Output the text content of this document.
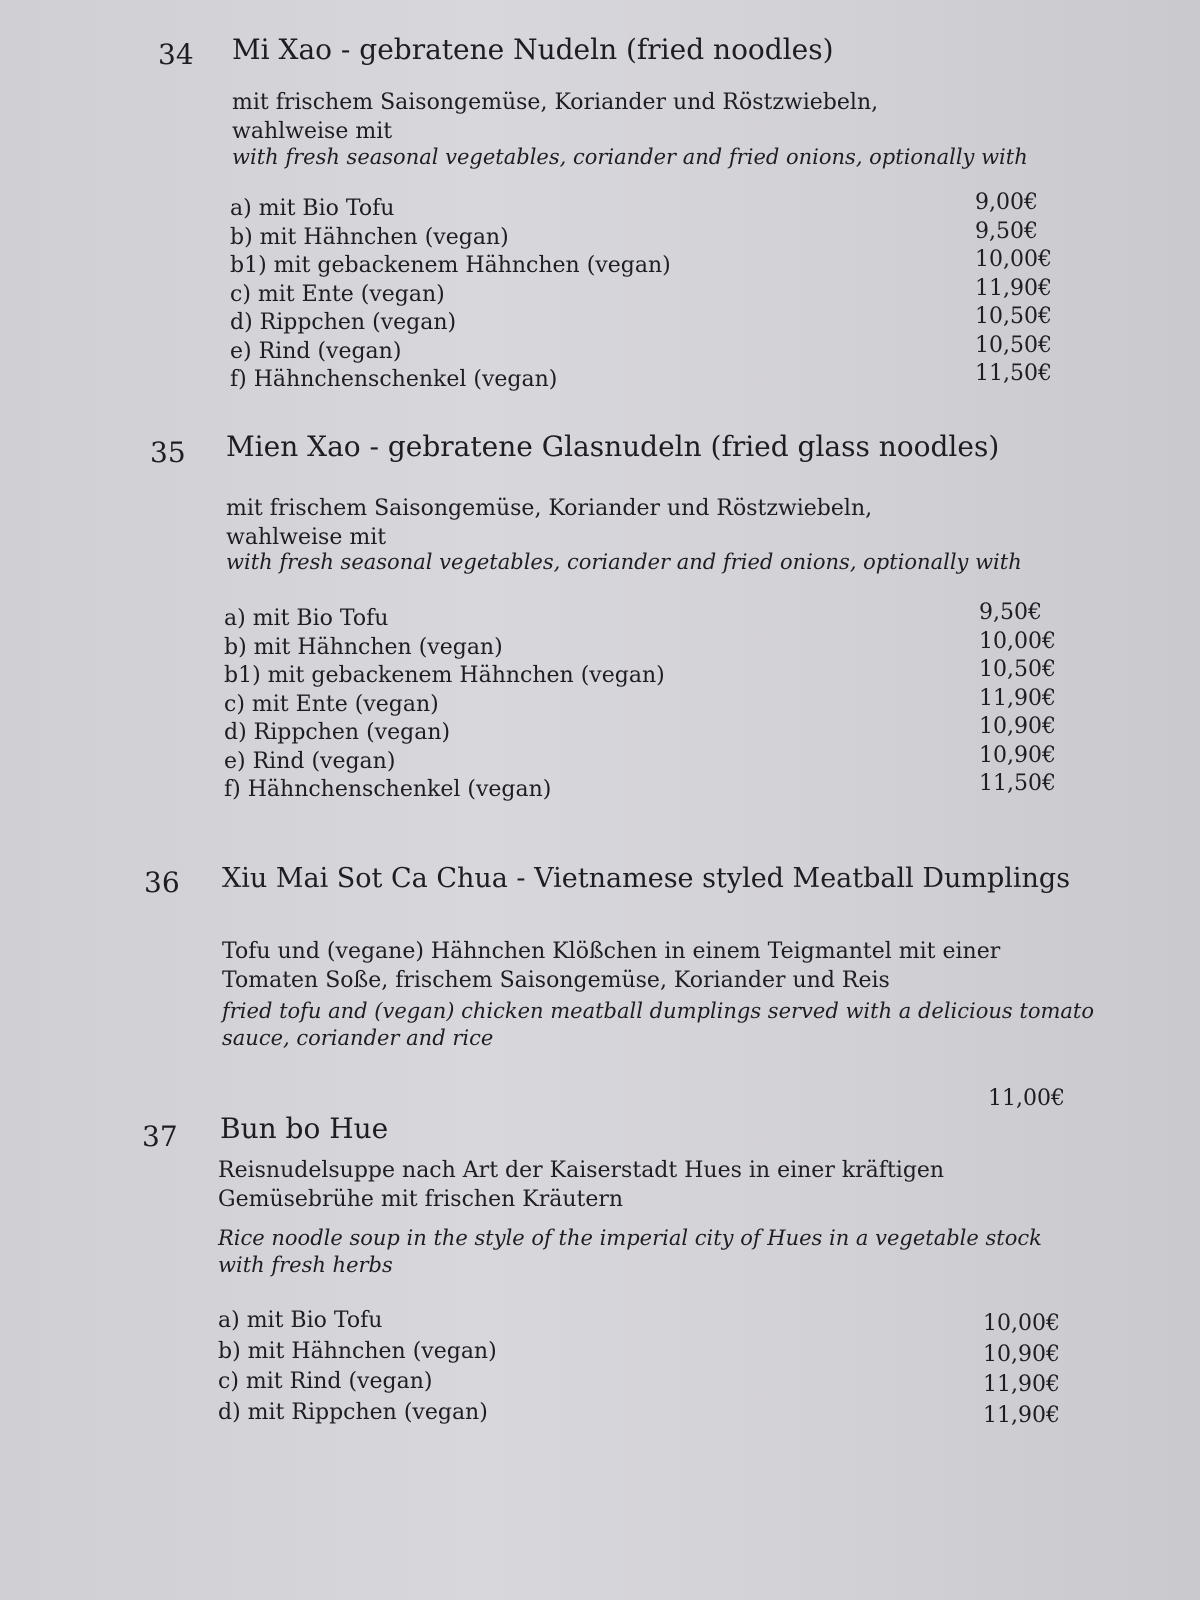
34 Mi Xao - gebratene Nudeln (fried noodles)
mit frischem Saisongemüse, Koriander und Röstzwiebeln,
wahlweise mit
with fresh seasonal vegetables, coriander and fried onions, optionally with
a) mit Bio Tofu	9,00€
b) mit Hähnchen (vegan)	9,50€
b1) mit gebackenem Hähnchen (vegan)	10,00€
c) mit Ente (vegan)	11,90€
d) Rippchen (vegan)	10,50€
e) Rind (vegan)	10,50€
f) Hähnchenschenkel (vegan)	11,50€
35 Mien Xao - gebratene Glasnudeln (fried glass noodles)
mit frischem Saisongemüse, Koriander und Röstzwiebeln,
wahlweise mit
with fresh seasonal vegetables, coriander and fried onions, optionally with
a) mit Bio Tofu	9,50€
b) mit Hähnchen (vegan)	10,00€
b1) mit gebackenem Hähnchen (vegan)	10,50€
c) mit Ente (vegan)	11,90€
d) Rippchen (vegan)	10,90€
e) Rind (vegan)	10,90€
f) Hähnchenschenkel (vegan)	11,50€
36 Xiu Mai Sot Ca Chua - Vietnamese styled Meatball Dumplings
Tofu und (vegane) Hähnchen Klößchen in einem Teigmantel mit einer
Tomaten Soße, frischem Saisongemüse, Koriander und Reis
fried tofu and (vegan) chicken meatball dumplings served with a delicious tomato
sauce, coriander and rice
11,00€
37 Bun bo Hue
Reisnudelsuppe nach Art der Kaiserstadt Hues in einer kräftigen
Gemüsebrühe mit frischen Kräutern
Rice noodle soup in the style of the imperial city of Hues in a vegetable stock
with fresh herbs
a) mit Bio Tofu	10,00€
b) mit Hähnchen (vegan)	10,90€
c) mit Rind (vegan)	11,90€
d) mit Rippchen (vegan)	11,90€
